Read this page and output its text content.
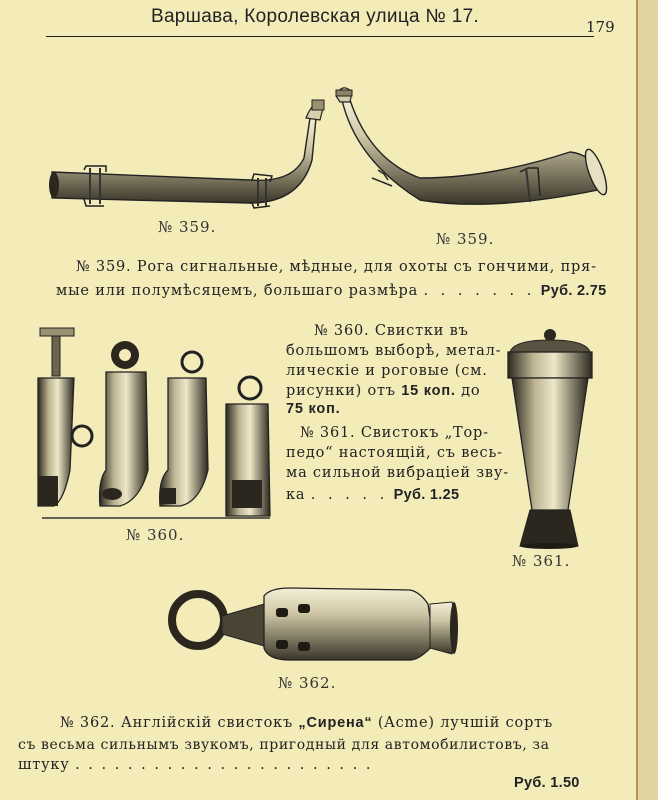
Варшава, Королевская улица № 17.	179
№ 359.
№ 359.
№ 360.
№ 361.
№ 362.
№ 359. Рога сигнальные, мѣдные, для охоты съ гончими, пря-
мые или полумѣсяцемъ, большаго размѣра . . . . . . . Руб. 2.75
№ 360. Свистки въ
большомъ выборѣ, метал-
лическіе и роговые (см.
рисунки) отъ 15 коп. до
75 коп.
№ 361. Свистокъ „Тор-
педо“ настоящій, съ весь-
ма сильной вибраціей зву-
ка . . . . . Руб. 1.25
№ 362. Англійскій свистокъ „Сирена“ (Acme) лучшій сортъ
съ весьма сильнымъ звукомъ, пригодный для автомобилистовъ, за
штуку . . . . . . . . . . . . . . . . . . . . . . .
Руб. 1.50
